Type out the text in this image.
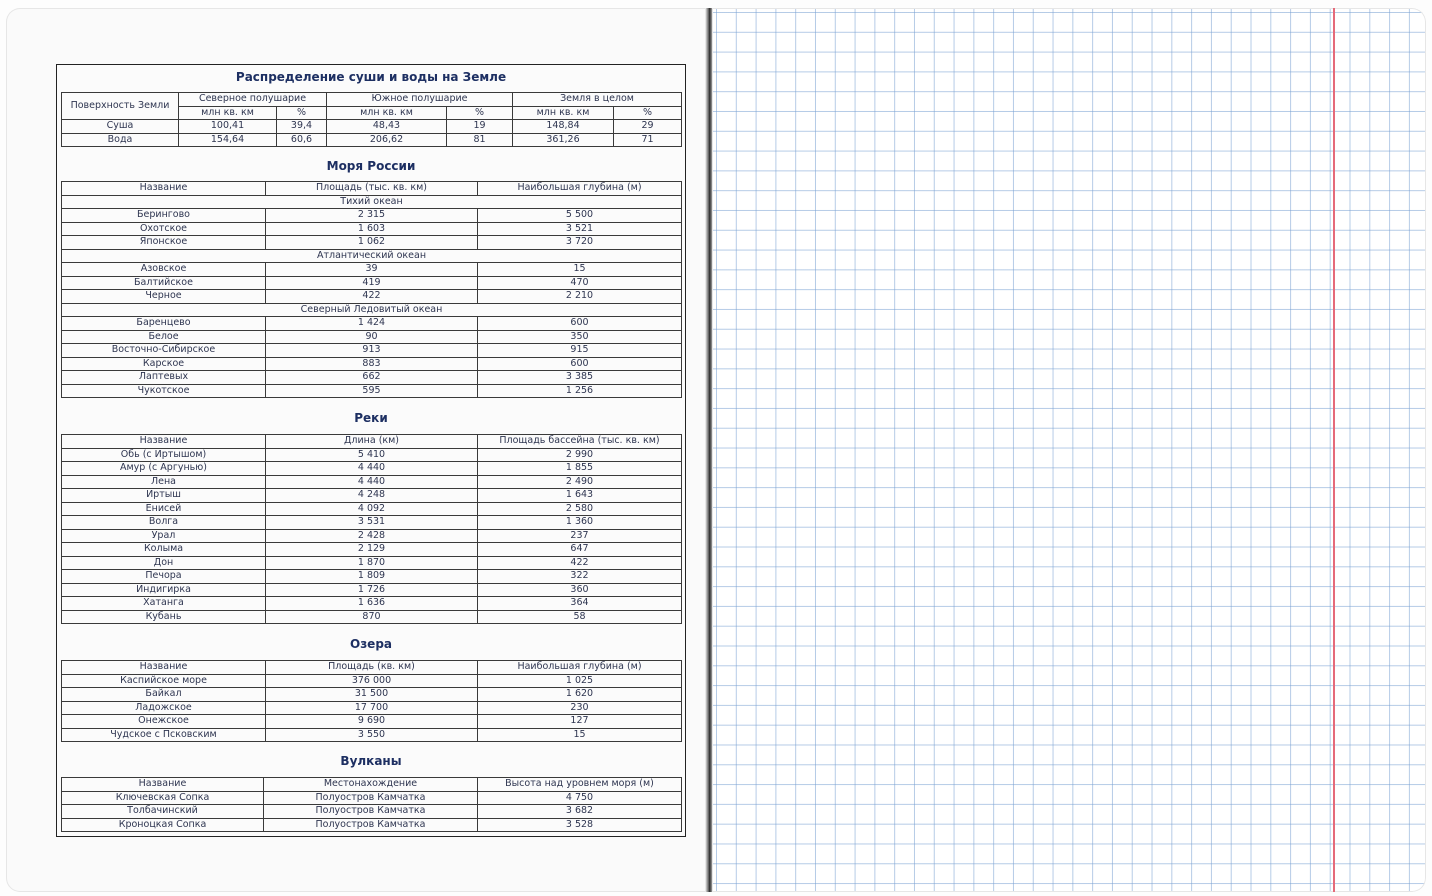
Распределение суши и воды на Земле
Поверхность Земли	Северное полушарие		Южное полушарие		Земля в целом	
	млн кв. км	%	млн кв. км	%	млн кв. км	%
Суша	100,41	39,4	48,43	19	148,84	29
Вода	154,64	60,6	206,62	81	361,26	71
Моря России
Название	Площадь (тыс. кв. км)	Наибольшая глубина (м)
Тихий океан		
Берингово	2 315	5 500
Охотское	1 603	3 521
Японское	1 062	3 720
Атлантический океан		
Азовское	39	15
Балтийское	419	470
Черное	422	2 210
Северный Ледовитый океан		
Баренцево	1 424	600
Белое	90	350
Восточно-Сибирское	913	915
Карское	883	600
Лаптевых	662	3 385
Чукотское	595	1 256
Реки
Название	Длина (км)	Площадь бассейна (тыс. кв. км)
Обь (с Иртышом)	5 410	2 990
Амур (с Аргунью)	4 440	1 855
Лена	4 440	2 490
Иртыш	4 248	1 643
Енисей	4 092	2 580
Волга	3 531	1 360
Урал	2 428	237
Колыма	2 129	647
Дон	1 870	422
Печора	1 809	322
Индигирка	1 726	360
Хатанга	1 636	364
Кубань	870	58
Озера
Название	Площадь (кв. км)	Наибольшая глубина (м)
Каспийское море	376 000	1 025
Байкал	31 500	1 620
Ладожское	17 700	230
Онежское	9 690	127
Чудское с Псковским	3 550	15
Вулканы
Название	Местонахождение	Высота над уровнем моря (м)
Ключевская Сопка	Полуостров Камчатка	4 750
Толбачинский	Полуостров Камчатка	3 682
Кроноцкая Сопка	Полуостров Камчатка	3 528
